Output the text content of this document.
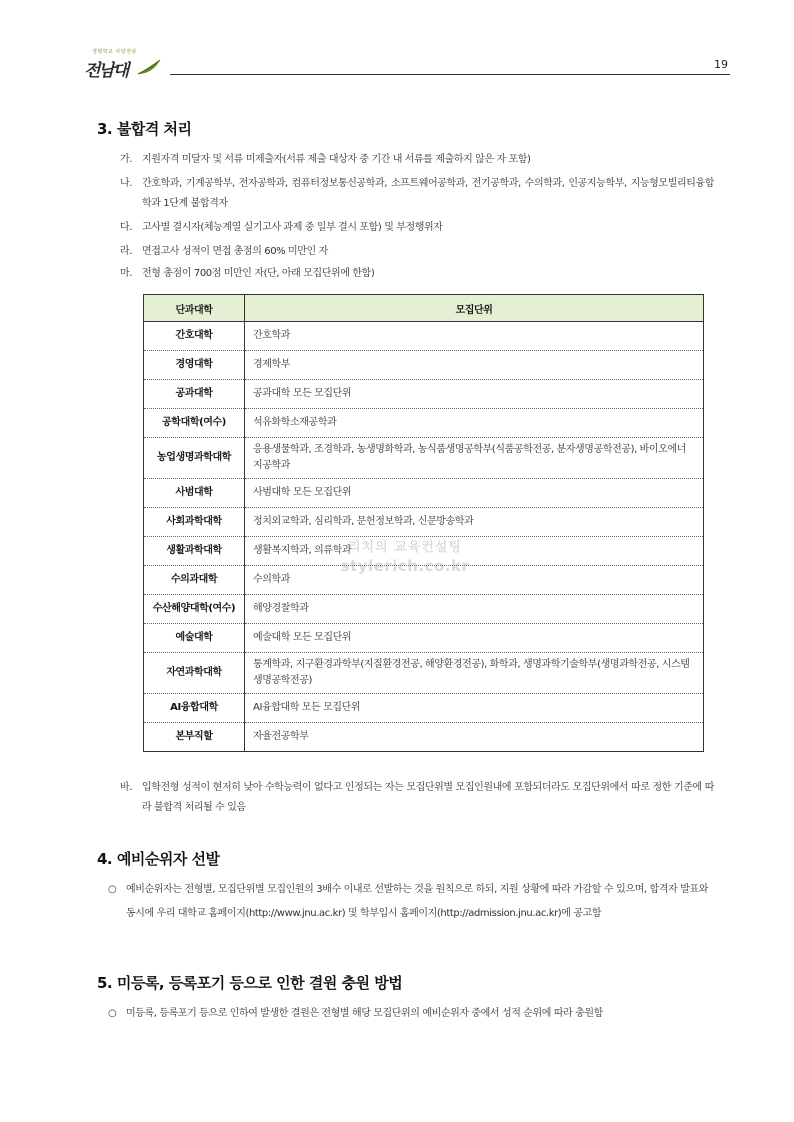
생명학교 사랑전남
전남대	19
3. 불합격 처리
가. 지원자격 미달자 및 서류 미제출자(서류 제출 대상자 중 기간 내 서류를 제출하지 않은 자 포함)
나. 간호학과, 기계공학부, 전자공학과, 컴퓨터정보통신공학과, 소프트웨어공학과, 전기공학과, 수의학과, 인공지능학부, 지능형모빌리티융합학과 1단계 불합격자
다. 고사별 결시자(체능계열 실기고사 과제 중 일부 결시 포함) 및 부정행위자
라. 면접고사 성적이 면접 총점의 60% 미만인 자
마. 전형 총점이 700점 미만인 자(단, 아래 모집단위에 한함)
단과대학	모집단위
간호대학	간호학과
경영대학	경제학부
공과대학	공과대학 모든 모집단위
공학대학(여수)	석유화학소재공학과
농업생명과학대학	응용생물학과, 조경학과, 농생명화학과, 농식품생명공학부(식품공학전공, 분자생명공학전공), 바이오에너지공학과
사범대학	사범대학 모든 모집단위
사회과학대학	정치외교학과, 심리학과, 문헌정보학과, 신문방송학과
생활과학대학	생활복지학과, 의류학과
수의과대학	수의학과
수산해양대학(여수)	해양경찰학과
예술대학	예술대학 모든 모집단위
자연과학대학	통계학과, 지구환경과학부(지질환경전공, 해양환경전공), 화학과, 생명과학기술학부(생명과학전공, 시스템생명공학전공)
AI융합대학	AI융합대학 모든 모집단위
본부직할	자율전공학부
리치의 교육컨설팅
stylerich.co.kr
바. 입학전형 성적이 현저히 낮아 수학능력이 없다고 인정되는 자는 모집단위별 모집인원내에 포함되더라도 모집단위에서 따로 정한 기준에 따라 불합격 처리될 수 있음
4. 예비순위자 선발
○ 예비순위자는 전형별, 모집단위별 모집인원의 3배수 이내로 선발하는 것을 원칙으로 하되, 지원 상황에 따라 가감할 수 있으며, 합격자 발표와 동시에 우리 대학교 홈페이지(http://www.jnu.ac.kr) 및 학부입시 홈페이지(http://admission.jnu.ac.kr)에 공고함
5. 미등록, 등록포기 등으로 인한 결원 충원 방법
○ 미등록, 등록포기 등으로 인하여 발생한 결원은 전형별 해당 모집단위의 예비순위자 중에서 성적 순위에 따라 충원함
